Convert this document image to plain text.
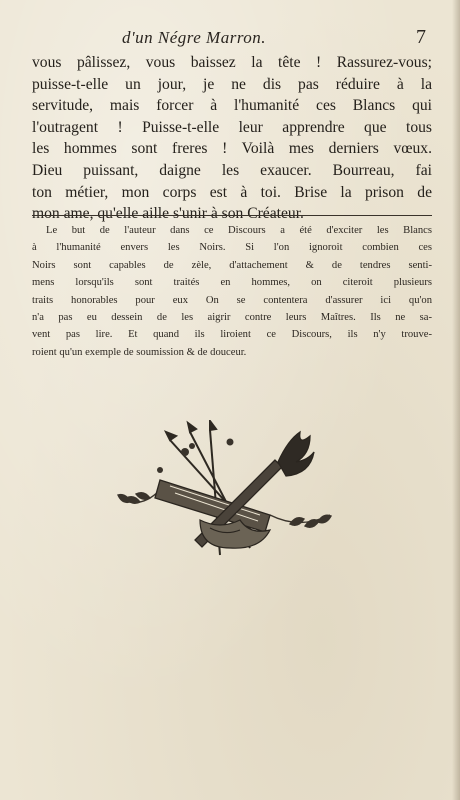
d'un Négre Marron.	7
vous pâlissez, vous baissez la tête ! Rassurez-vous;
puisse-t-elle un jour, je ne dis pas réduire à la
servitude, mais forcer à l'humanité ces Blancs qui
l'outragent ! Puisse-t-elle leur apprendre que tous
les hommes sont freres ! Voilà mes derniers vœux.
Dieu puissant, daigne les exaucer. Bourreau, fai
ton métier, mon corps est à toi. Brise la prison de
mon ame, qu'elle aille s'unir à son Créateur.
Le but de l'auteur dans ce Discours a été d'exciter les Blancs
à l'humanité envers les Noirs. Si l'on ignoroit combien ces
Noirs sont capables de zèle, d'attachement & de tendres senti-
mens lorsqu'ils sont traités en hommes, on citeroit plusieurs
traits honorables pour eux On se contentera d'assurer ici qu'on
n'a pas eu dessein de les aigrir contre leurs Maîtres. Ils ne sa-
vent pas lire. Et quand ils liroient ce Discours, ils n'y trouve-
roient qu'un exemple de soumission & de douceur.
